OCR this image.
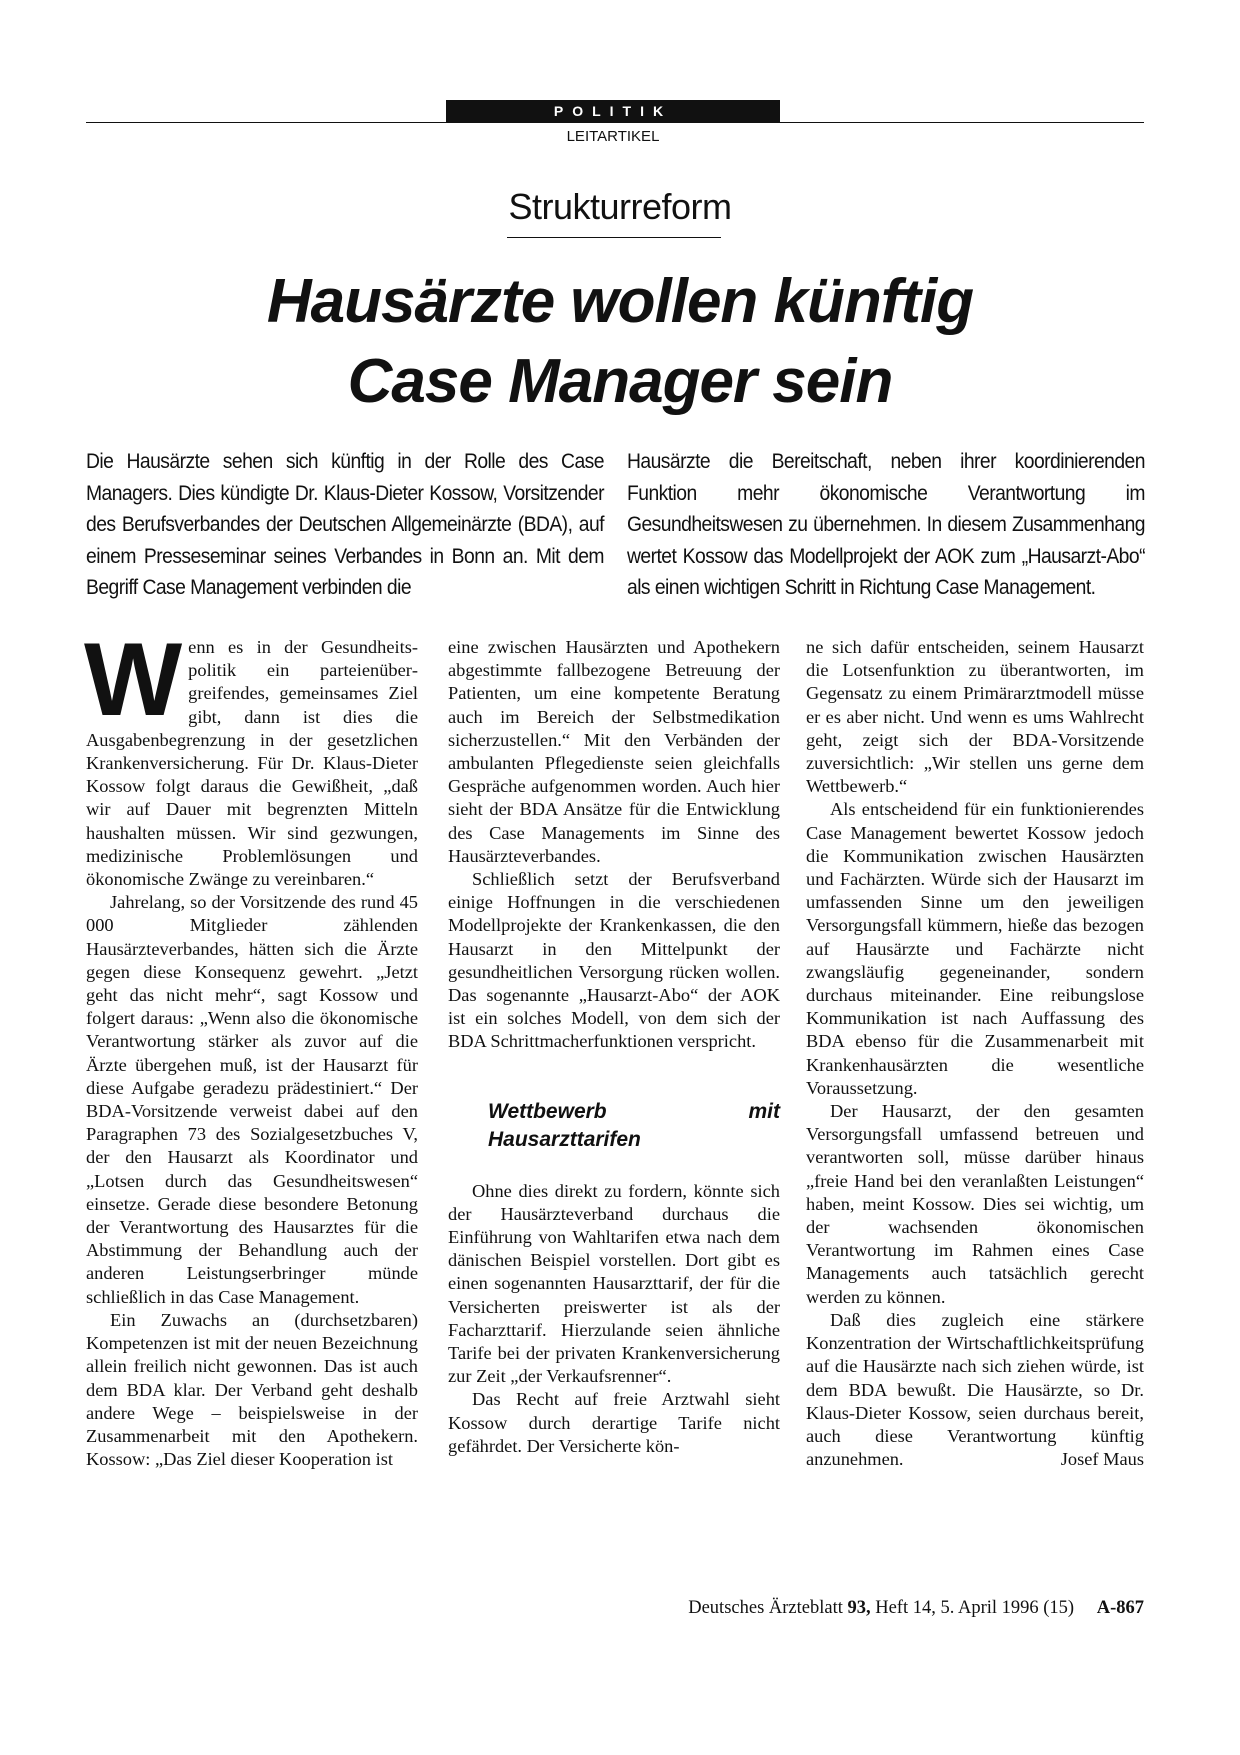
POLITIK
LEITARTIKEL
Strukturreform
Hausärzte wollen künftig
Case Manager sein
Die Hausärzte sehen sich künftig in der Rolle des Case Managers. Dies kündigte Dr. Klaus-Dieter Kossow, Vorsitzender des Berufsverbandes der Deutschen Allgemeinärzte (BDA), auf einem Presseseminar seines Verbandes in Bonn an. Mit dem Begriff Case Management verbinden die
Hausärzte die Bereitschaft, neben ihrer koordinierenden Funktion mehr ökonomische Verantwortung im Gesundheitswesen zu übernehmen. In diesem Zusammenhang wertet Kossow das Modellprojekt der AOK zum „Hausarzt-Abo“ als einen wichtigen Schritt in Richtung Case Management.

Wenn es in der Gesundheitspolitik ein parteienübergreifendes, gemeinsames Ziel gibt, dann ist dies die Ausgabenbegrenzung in der gesetzlichen Krankenversicherung. Für Dr. Klaus-Dieter Kossow folgt daraus die Gewißheit, „daß wir auf Dauer mit begrenzten Mitteln haushalten müssen. Wir sind gezwungen, medizinische Problemlösungen und ökonomische Zwänge zu vereinbaren.“

Jahrelang, so der Vorsitzende des rund 45 000 Mitglieder zählenden Hausärzteverbandes, hätten sich die Ärzte gegen diese Konsequenz gewehrt. „Jetzt geht das nicht mehr“, sagt Kossow und folgert daraus: „Wenn also die ökonomische Verantwortung stärker als zuvor auf die Ärzte übergehen muß, ist der Hausarzt für diese Aufgabe geradezu prädestiniert.“ Der BDA-Vorsitzende verweist dabei auf den Paragraphen 73 des Sozialgesetzbuches V, der den Hausarzt als Koordinator und „Lotsen durch das Gesundheitswesen“ einsetze. Gerade diese besondere Betonung der Verantwortung des Hausarztes für die Abstimmung der Behandlung auch der anderen Leistungserbringer münde schließlich in das Case Management.

Ein Zuwachs an (durchsetzbaren) Kompetenzen ist mit der neuen Bezeichnung allein freilich nicht gewonnen. Das ist auch dem BDA klar. Der Verband geht deshalb andere Wege – beispielsweise in der Zusammenarbeit mit den Apothekern. Kossow: „Das Ziel dieser Kooperation ist

eine zwischen Hausärzten und Apothekern abgestimmte fallbezogene Betreuung der Patienten, um eine kompetente Beratung auch im Bereich der Selbstmedikation sicherzustellen.“ Mit den Verbänden der ambulanten Pflegedienste seien gleichfalls Gespräche aufgenommen worden. Auch hier sieht der BDA Ansätze für die Entwicklung des Case Managements im Sinne des Hausärzteverbandes.

Schließlich setzt der Berufsverband einige Hoffnungen in die verschiedenen Modellprojekte der Krankenkassen, die den Hausarzt in den Mittelpunkt der gesundheitlichen Versorgung rücken wollen. Das sogenannte „Hausarzt-Abo“ der AOK ist ein solches Modell, von dem sich der BDA Schrittmacherfunktionen verspricht.

Wettbewerb mit Hausarzttarifen

Ohne dies direkt zu fordern, könnte sich der Hausärzteverband durchaus die Einführung von Wahltarifen etwa nach dem dänischen Beispiel vorstellen. Dort gibt es einen sogenannten Hausarzttarif, der für die Versicherten preiswerter ist als der Facharzttarif. Hierzulande seien ähnliche Tarife bei der privaten Krankenversicherung zur Zeit „der Verkaufsrenner“.

Das Recht auf freie Arztwahl sieht Kossow durch derartige Tarife nicht gefährdet. Der Versicherte kön-

ne sich dafür entscheiden, seinem Hausarzt die Lotsenfunktion zu überantworten, im Gegensatz zu einem Primärarztmodell müsse er es aber nicht. Und wenn es ums Wahlrecht geht, zeigt sich der BDA-Vorsitzende zuversichtlich: „Wir stellen uns gerne dem Wettbewerb.“

Als entscheidend für ein funktionierendes Case Management bewertet Kossow jedoch die Kommunikation zwischen Hausärzten und Fachärzten. Würde sich der Hausarzt im umfassenden Sinne um den jeweiligen Versorgungsfall kümmern, hieße das bezogen auf Hausärzte und Fachärzte nicht zwangsläufig gegeneinander, sondern durchaus miteinander. Eine reibungslose Kommunikation ist nach Auffassung des BDA ebenso für die Zusammenarbeit mit Krankenhausärzten die wesentliche Voraussetzung.

Der Hausarzt, der den gesamten Versorgungsfall umfassend betreuen und verantworten soll, müsse darüber hinaus „freie Hand bei den veranlaßten Leistungen“ haben, meint Kossow. Dies sei wichtig, um der wachsenden ökonomischen Verantwortung im Rahmen eines Case Managements auch tatsächlich gerecht werden zu können.

Daß dies zugleich eine stärkere Konzentration der Wirtschaftlichkeitsprüfung auf die Hausärzte nach sich ziehen würde, ist dem BDA bewußt. Die Hausärzte, so Dr. Klaus-Dieter Kossow, seien durchaus bereit, auch diese Verantwortung künftig anzunehmen.	Josef Maus

Deutsches Ärzteblatt 93, Heft 14, 5. April 1996 (15) A-867
